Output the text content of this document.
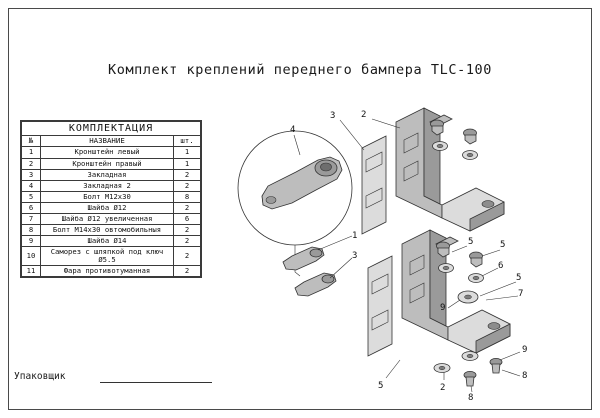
Комплект креплений переднего бампера TLC-100
КОМПЛЕКТАЦИЯ		
№	НАЗВАНИЕ	шт.
1	Кронштейн левый	1
2	Кронштейн правый	1
3	Закладная	2
4	Закладная 2	2
5	Болт М12х30	8
6	Шайба Ø12	2
7	Шайба Ø12 увеличенная	6
8	Болт М14х30 овтомобильныя	2
9	Шайба Ø14	2
10	Саморез с шляпкой под ключ Ø5.5	2
11	Фара противотуманная	2
Упаковщик
4
2
3
1
3
5	5
6
5
7
9
5	2
8
9
8
